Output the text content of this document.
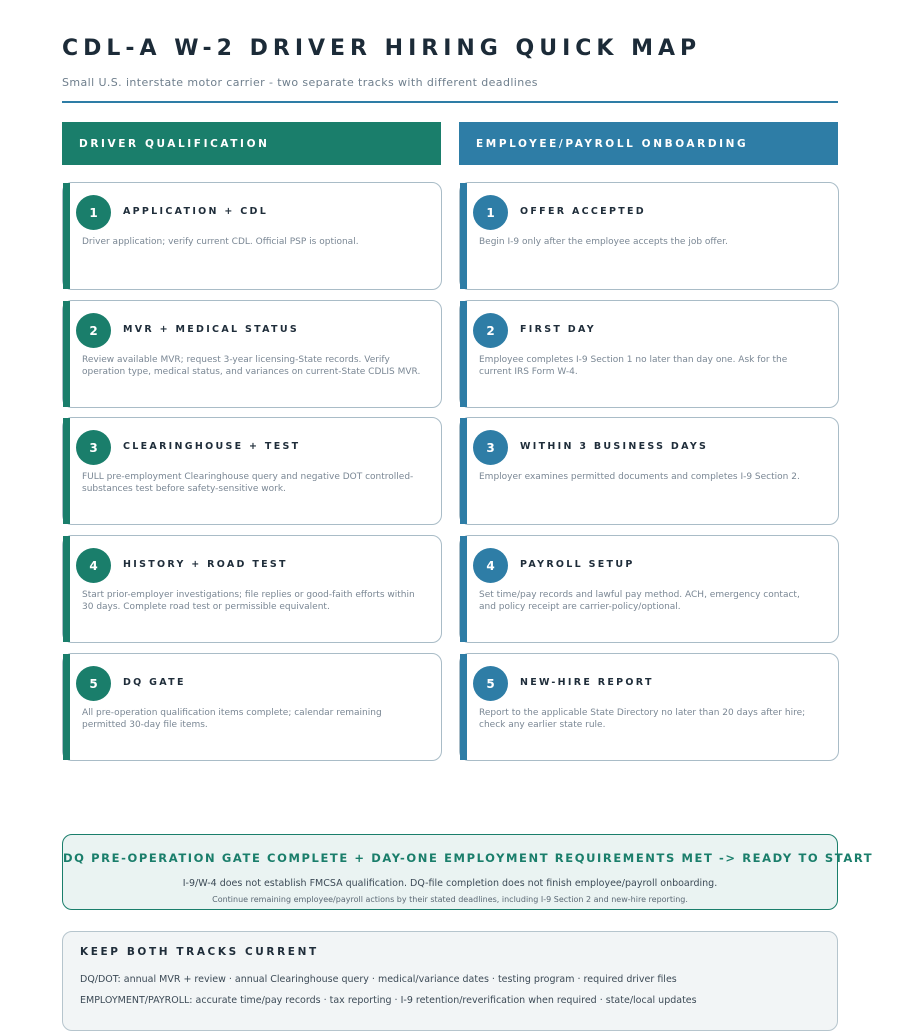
CDL-A W-2 DRIVER HIRING QUICK MAP
Small U.S. interstate motor carrier - two separate tracks with different deadlines
DRIVER QUALIFICATION
1	APPLICATION + CDL
Driver application; verify current CDL. Official PSP is optional.
2	MVR + MEDICAL STATUS
Review available MVR; request 3-year licensing-State records. Verify operation type, medical status, and variances on current-State CDLIS MVR.
3	CLEARINGHOUSE + TEST
FULL pre-employment Clearinghouse query and negative DOT controlled-substances test before safety-sensitive work.
4	HISTORY + ROAD TEST
Start prior-employer investigations; file replies or good-faith efforts within 30 days. Complete road test or permissible equivalent.
5	DQ GATE
All pre-operation qualification items complete; calendar remaining permitted 30-day file items.
EMPLOYEE/PAYROLL ONBOARDING
1	OFFER ACCEPTED
Begin I-9 only after the employee accepts the job offer.
2	FIRST DAY
Employee completes I-9 Section 1 no later than day one. Ask for the current IRS Form W-4.
3	WITHIN 3 BUSINESS DAYS
Employer examines permitted documents and completes I-9 Section 2.
4	PAYROLL SETUP
Set time/pay records and lawful pay method. ACH, emergency contact, and policy receipt are carrier-policy/optional.
5	NEW-HIRE REPORT
Report to the applicable State Directory no later than 20 days after hire; check any earlier state rule.
DQ PRE-OPERATION GATE COMPLETE + DAY-ONE EMPLOYMENT REQUIREMENTS MET -> READY TO START
I-9/W-4 does not establish FMCSA qualification. DQ-file completion does not finish employee/payroll onboarding.
Continue remaining employee/payroll actions by their stated deadlines, including I-9 Section 2 and new-hire reporting.
KEEP BOTH TRACKS CURRENT
DQ/DOT: annual MVR + review · annual Clearinghouse query · medical/variance dates · testing program · required driver files
EMPLOYMENT/PAYROLL: accurate time/pay records · tax reporting · I-9 retention/reverification when required · state/local updates
